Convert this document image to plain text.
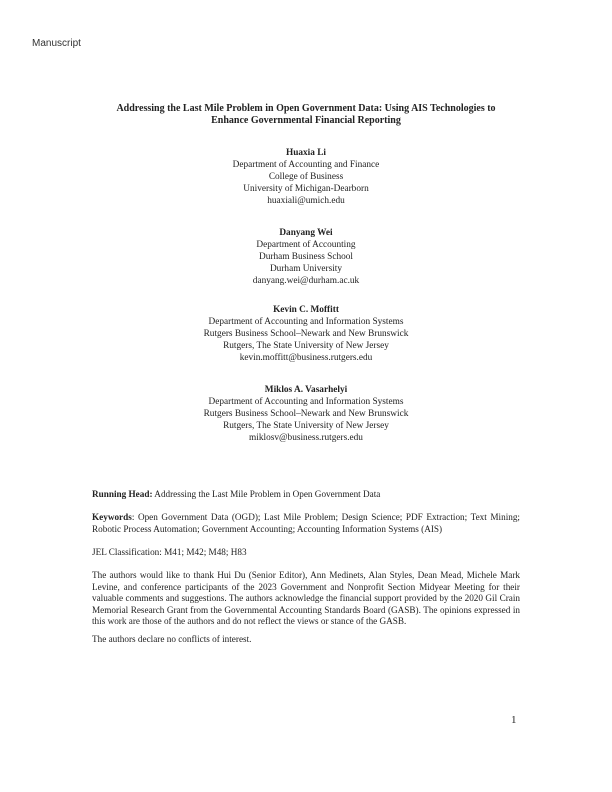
Manuscript
Addressing the Last Mile Problem in Open Government Data: Using AIS Technologies to
Enhance Governmental Financial Reporting
Huaxia Li
Department of Accounting and Finance
College of Business
University of Michigan-Dearborn
huaxiali@umich.edu
Danyang Wei
Department of Accounting
Durham Business School
Durham University
danyang.wei@durham.ac.uk
Kevin C. Moffitt
Department of Accounting and Information Systems
Rutgers Business School–Newark and New Brunswick
Rutgers, The State University of New Jersey
kevin.moffitt@business.rutgers.edu
Miklos A. Vasarhelyi
Department of Accounting and Information Systems
Rutgers Business School–Newark and New Brunswick
Rutgers, The State University of New Jersey
miklosv@business.rutgers.edu
Running Head: Addressing the Last Mile Problem in Open Government Data
Keywords: Open Government Data (OGD); Last Mile Problem; Design Science; PDF Extraction; Text Mining; Robotic Process Automation; Government Accounting; Accounting Information Systems (AIS)
JEL Classification: M41; M42; M48; H83
The authors would like to thank Hui Du (Senior Editor), Ann Medinets, Alan Styles, Dean Mead, Michele Mark Levine, and conference participants of the 2023 Government and Nonprofit Section Midyear Meeting for their valuable comments and suggestions. The authors acknowledge the financial support provided by the 2020 Gil Crain Memorial Research Grant from the Governmental Accounting Standards Board (GASB). The opinions expressed in this work are those of the authors and do not reflect the views or stance of the GASB.
The authors declare no conflicts of interest.
1
